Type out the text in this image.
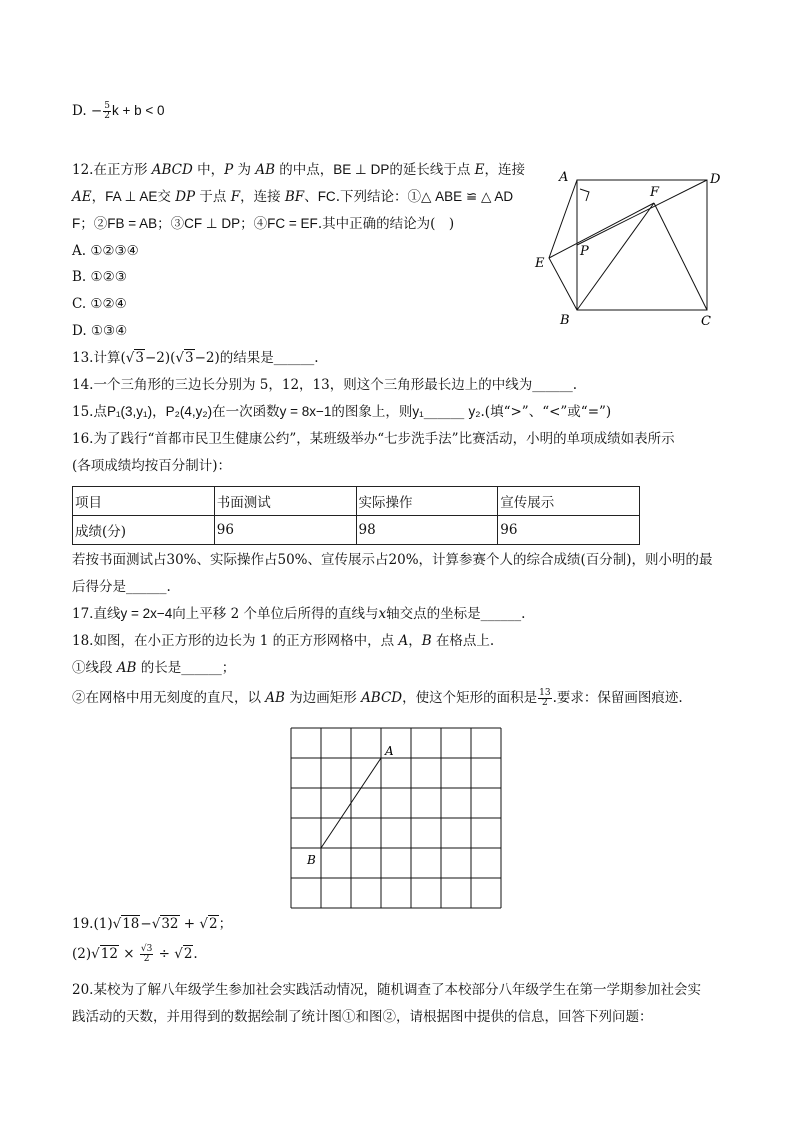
D. − $\frac{5}{2}$ k + b < 0
12.在正方形 ABCD 中，P 为 AB 的中点，BE ⊥ DP的延长线于点 E，连接
AE，FA ⊥ AE交 DP 于点 F，连接 BF、FC.下列结论：①△ ABE ≌ △ AD
F；②FB = AB；③CF ⊥ DP；④FC = EF.其中正确的结论为(　)
A. ①②③④
B. ①②③
C. ①②④
D. ①③④
A	D
F
P
E
B	C
13.计算(√3−2)(√3−2)的结果是______.
14.一个三角形的三边长分别为 5，12，13，则这个三角形最长边上的中线为______.
15.点P₁(3,y₁)，P₂(4,y₂)在一次函数y = 8x−1的图象上，则y₁______ y₂.(填“>”、“<”或“=”)
16.为了践行“首都市民卫生健康公约”，某班级举办“七步洗手法”比赛活动，小明的单项成绩如表所示
(各项成绩均按百分制计)：
项目	书面测试	实际操作	宣传展示
成绩(分)	96	98	96
若按书面测试占30%、实际操作占50%、宣传展示占20%，计算参赛个人的综合成绩(百分制)，则小明的最
后得分是______.
17.直线y = 2x−4向上平移 2 个单位后所得的直线与x轴交点的坐标是______.
18.如图，在小正方形的边长为 1 的正方形网格中，点 A，B 在格点上.
①线段 AB 的长是______；
②在网格中用无刻度的直尺，以 AB 为边画矩形 ABCD，使这个矩形的面积是 $\frac{13}{2}$ .要求：保留画图痕迹.
A
B
19.(1)√18−√32 + √2；
$(2)√12 \times \frac{√3}{2} \div √2$.
20.某校为了解八年级学生参加社会实践活动情况，随机调查了本校部分八年级学生在第一学期参加社会实
践活动的天数，并用得到的数据绘制了统计图①和图②，请根据图中提供的信息，回答下列问题：
